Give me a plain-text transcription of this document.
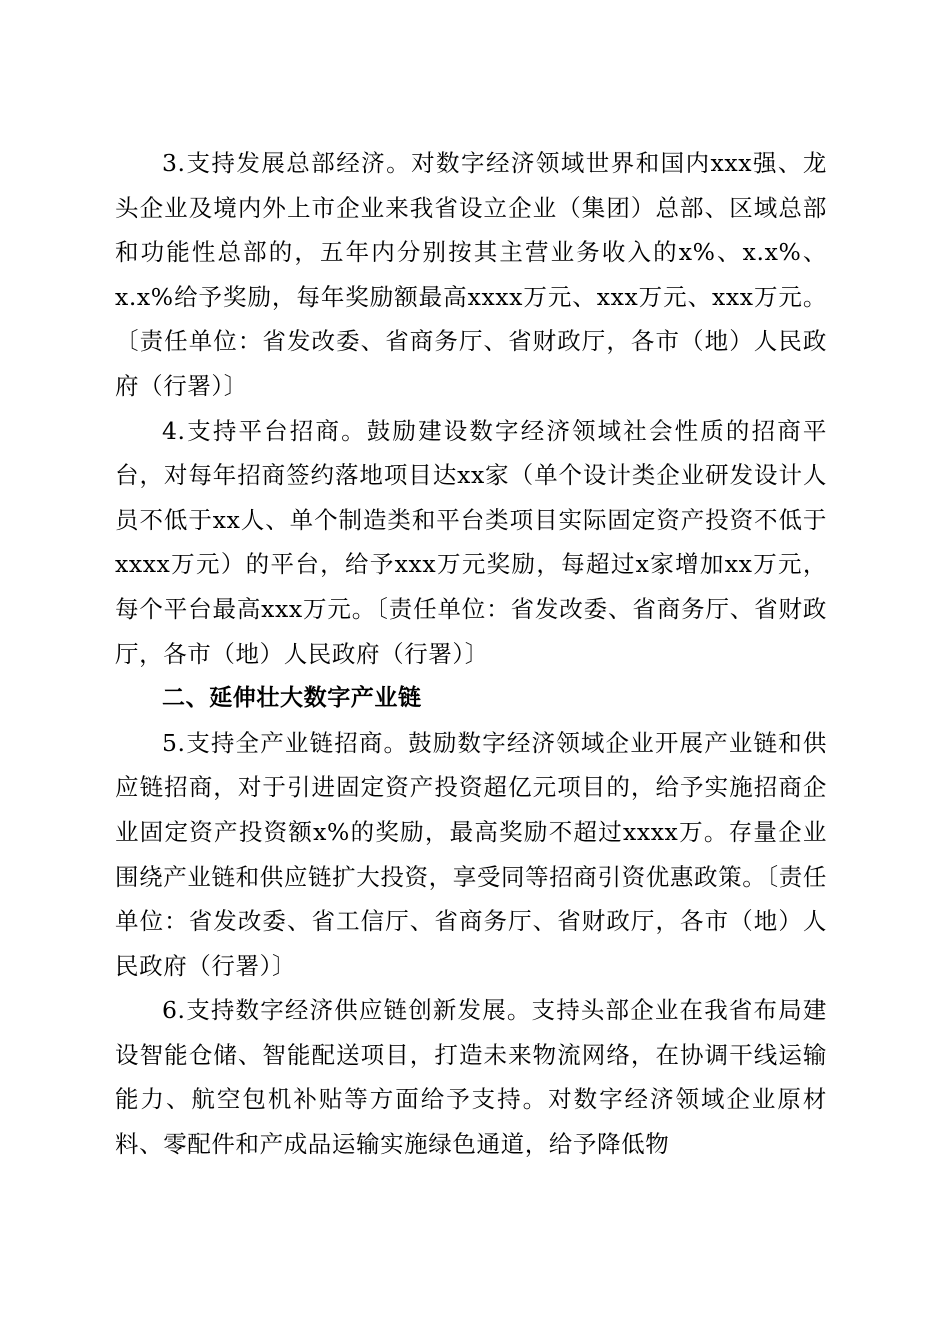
3.支持发展总部经济。对数字经济领域世界和国内xxx强、龙头企业及境内外上市企业来我省设立企业（集团）总部、区域总部和功能性总部的，五年内分别按其主营业务收入的x%、x.x%、x.x%给予奖励，每年奖励额最高xxxx万元、xxx万元、xxx万元。〔责任单位：省发改委、省商务厅、省财政厅，各市（地）人民政府（行署）〕

4.支持平台招商。鼓励建设数字经济领域社会性质的招商平台，对每年招商签约落地项目达xx家（单个设计类企业研发设计人员不低于xx人、单个制造类和平台类项目实际固定资产投资不低于xxxx万元）的平台，给予xxx万元奖励，每超过x家增加xx万元，每个平台最高xxx万元。〔责任单位：省发改委、省商务厅、省财政厅，各市（地）人民政府（行署）〕

二、延伸壮大数字产业链

5.支持全产业链招商。鼓励数字经济领域企业开展产业链和供应链招商，对于引进固定资产投资超亿元项目的，给予实施招商企业固定资产投资额x%的奖励，最高奖励不超过xxxx万。存量企业围绕产业链和供应链扩大投资，享受同等招商引资优惠政策。〔责任单位：省发改委、省工信厅、省商务厅、省财政厅，各市（地）人民政府（行署）〕

6.支持数字经济供应链创新发展。支持头部企业在我省布局建设智能仓储、智能配送项目，打造未来物流网络，在协调干线运输能力、航空包机补贴等方面给予支持。对数字经济领域企业原材料、零配件和产成品运输实施绿色通道，给予降低物
